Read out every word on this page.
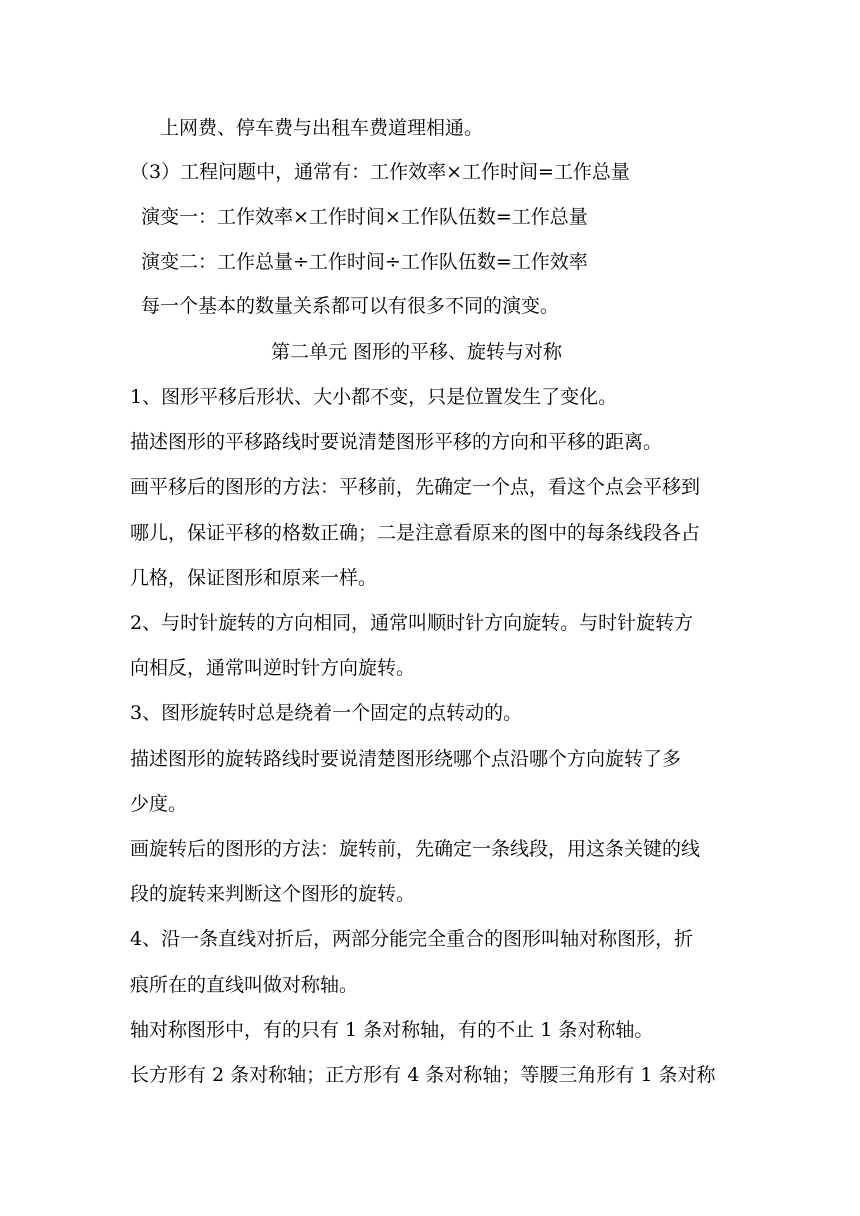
上网费、停车费与出租车费道理相通。
（3）工程问题中，通常有：工作效率×工作时间=工作总量
演变一：工作效率×工作时间×工作队伍数=工作总量
演变二：工作总量÷工作时间÷工作队伍数=工作效率
每一个基本的数量关系都可以有很多不同的演变。
第二单元 图形的平移、旋转与对称
1、图形平移后形状、大小都不变，只是位置发生了变化。
描述图形的平移路线时要说清楚图形平移的方向和平移的距离。
画平移后的图形的方法：平移前，先确定一个点，看这个点会平移到
哪儿，保证平移的格数正确；二是注意看原来的图中的每条线段各占
几格，保证图形和原来一样。
2、与时针旋转的方向相同，通常叫顺时针方向旋转。与时针旋转方
向相反，通常叫逆时针方向旋转。
3、图形旋转时总是绕着一个固定的点转动的。
描述图形的旋转路线时要说清楚图形绕哪个点沿哪个方向旋转了多
少度。
画旋转后的图形的方法：旋转前，先确定一条线段，用这条关键的线
段的旋转来判断这个图形的旋转。
4、沿一条直线对折后，两部分能完全重合的图形叫轴对称图形，折
痕所在的直线叫做对称轴。
轴对称图形中，有的只有 1 条对称轴，有的不止 1 条对称轴。
长方形有 2 条对称轴；正方形有 4 条对称轴；等腰三角形有 1 条对称
